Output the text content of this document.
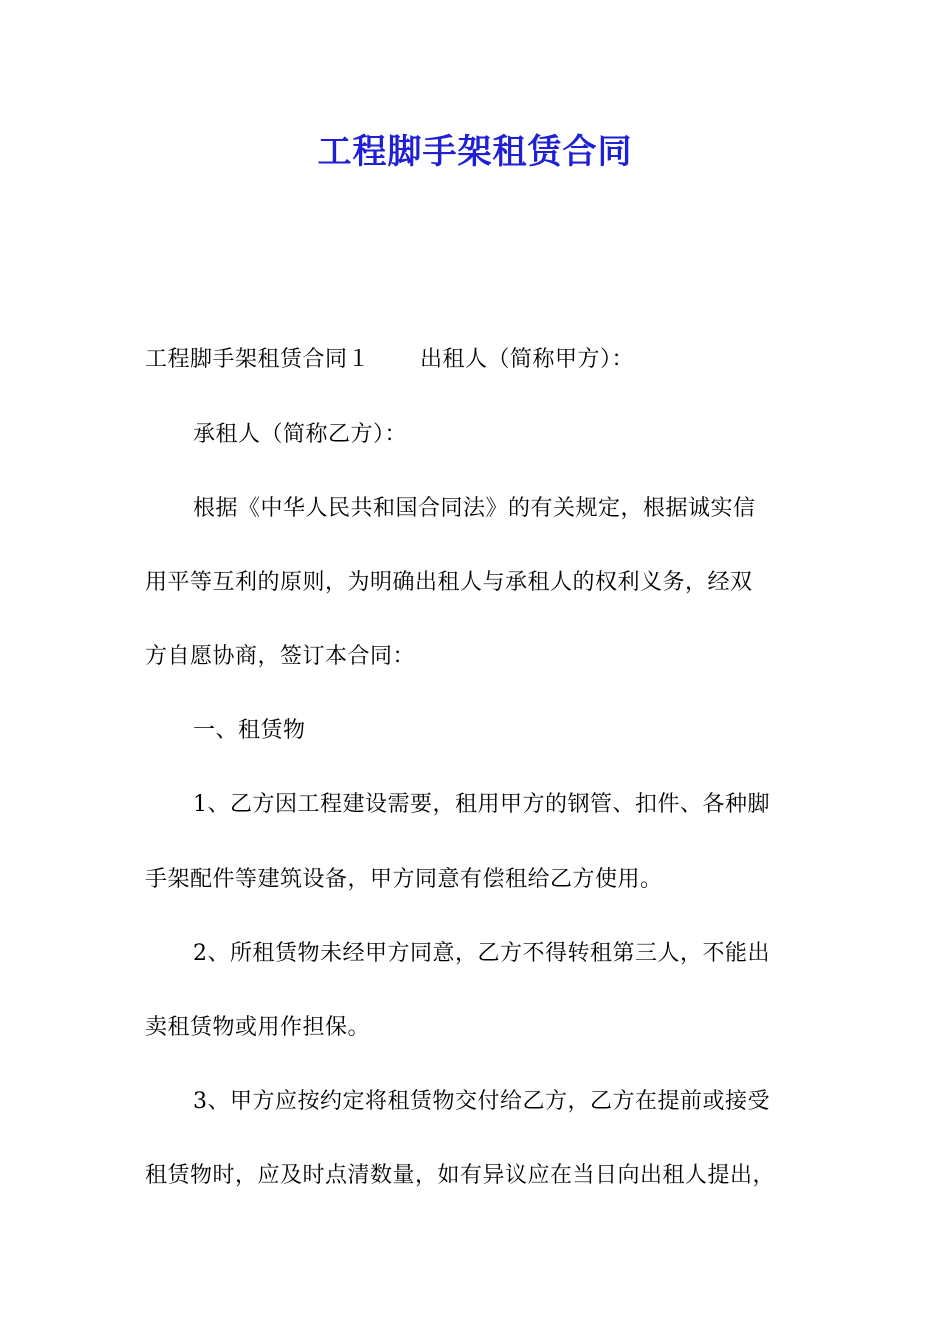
工程脚手架租赁合同
工程脚手架租赁合同１ 出租人（简称甲方）：
承租人（简称乙方）：
根据《中华人民共和国合同法》的有关规定，根据诚实信
用平等互利的原则，为明确出租人与承租人的权利义务，经双
方自愿协商，签订本合同：
一、租赁物
1、乙方因工程建设需要，租用甲方的钢管、扣件、各种脚
手架配件等建筑设备，甲方同意有偿租给乙方使用。
2、所租赁物未经甲方同意，乙方不得转租第三人，不能出
卖租赁物或用作担保。
3、甲方应按约定将租赁物交付给乙方，乙方在提前或接受
租赁物时，应及时点清数量，如有异议应在当日向出租人提出，
